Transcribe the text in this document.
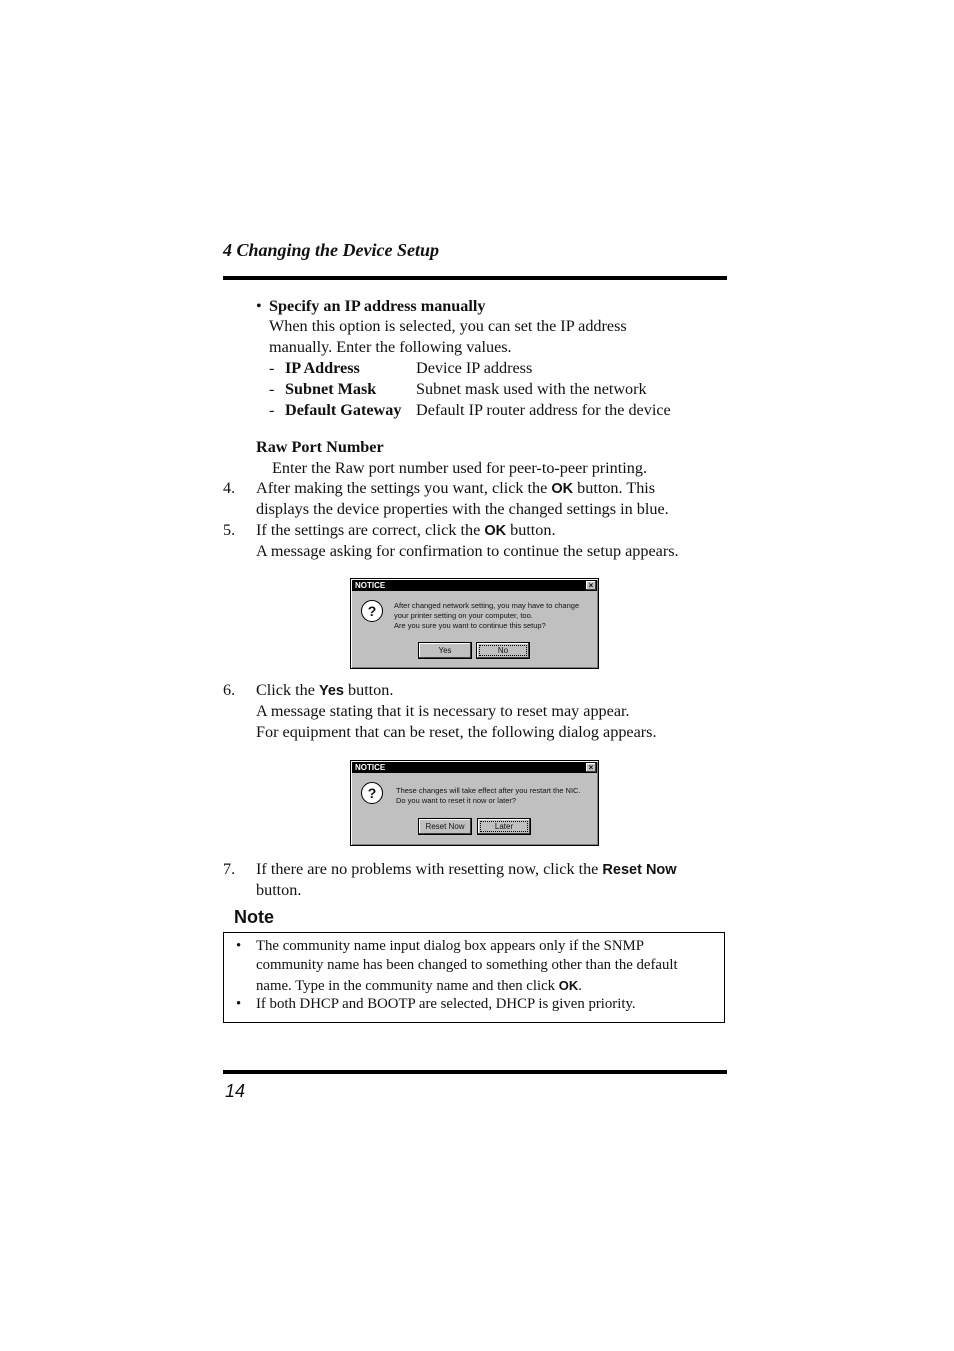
4 Changing the Device Setup
• Specify an IP address manually
When this option is selected, you can set the IP address
manually. Enter the following values.
- IP Address	Device IP address
- Subnet Mask Subnet mask used with the network
- Default Gateway Default IP router address for the device
Raw Port Number
Enter the Raw port number used for peer-to-peer printing.
4. After making the settings you want, click the OK button. This
displays the device properties with the changed settings in blue.
5. If the settings are correct, click the OK button.
A message asking for confirmation to continue the setup appears.
NOTICE	×
?	After changed network setting, you may have to change
your printer setting on your computer, too.
Are you sure you want to continue this setup?
Yes	No
6. Click the Yes button.
A message stating that it is necessary to reset may appear.
For equipment that can be reset, the following dialog appears.
NOTICE	×
?	These changes will take effect after you restart the NIC.
Do you want to reset it now or later?
Reset Now	Later
7. If there are no problems with resetting now, click the Reset Now
button.
Note
• The community name input dialog box appears only if the SNMP
community name has been changed to something other than the default
name. Type in the community name and then click OK.
• If both DHCP and BOOTP are selected, DHCP is given priority.
14
